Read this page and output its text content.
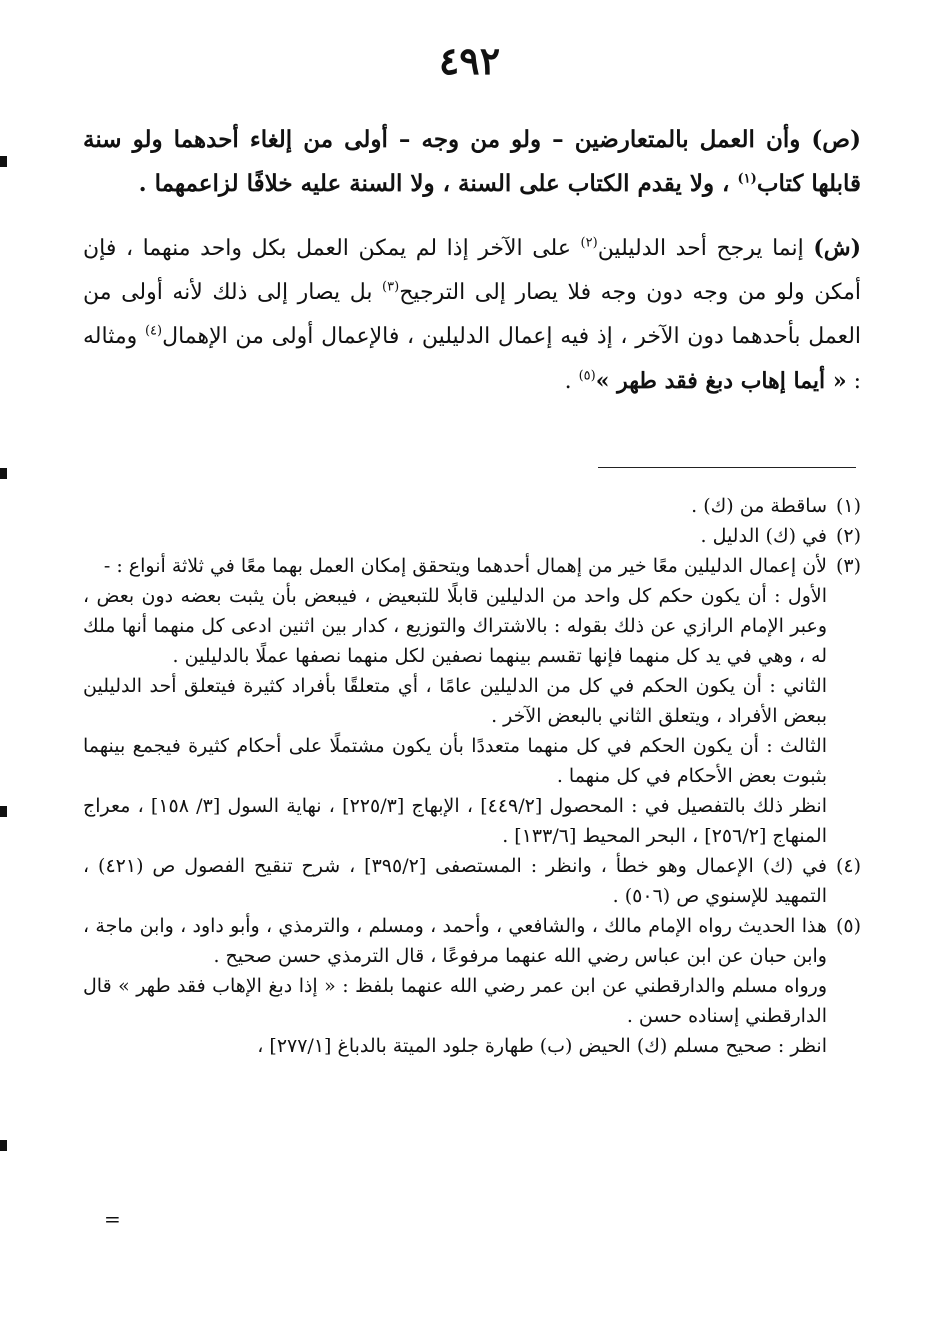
٤٩٢

(ص) وأن العمل بالمتعارضين – ولو من وجه – أولى من إلغاء أحدهما ولو سنة قابلها كتاب$^{(١)}$ ، ولا يقدم الكتاب على السنة ، ولا السنة عليه خلافًا لزاعمهما .

(ش) إنما يرجح أحد الدليلين$^{(٢)}$ على الآخر إذا لم يمكن العمل بكل واحد منهما ، فإن أمكن ولو من وجه دون وجه فلا يصار إلى الترجيح$^{(٣)}$ بل يصار إلى ذلك لأنه أولى من العمل بأحدهما دون الآخر ، إذ فيه إعمال الدليلين ، فالإعمال أولى من الإهمال$^{(٤)}$ ومثاله : « أيما إهاب دبغ فقد طهر »$^{(٥)}$ .

(١)
ساقطة من (ك) .
(٢)
في (ك) الدليل .
(٣)
لأن إعمال الدليلين معًا خير من إهمال أحدهما ويتحقق إمكان العمل بهما معًا في ثلاثة أنواع : -
الأول : أن يكون حكم كل واحد من الدليلين قابلًا للتبعيض ، فيبعض بأن يثبت بعضه دون بعض ، وعبر الإمام الرازي عن ذلك بقوله : بالاشتراك والتوزيع ، كدار بين اثنين ادعى كل منهما أنها ملك له ، وهي في يد كل منهما فإنها تقسم بينهما نصفين لكل منهما نصفها عملًا بالدليلين .
الثاني : أن يكون الحكم في كل من الدليلين عامًا ، أي متعلقًا بأفراد كثيرة فيتعلق أحد الدليلين ببعض الأفراد ، ويتعلق الثاني بالبعض الآخر .
الثالث : أن يكون الحكم في كل منهما متعددًا بأن يكون مشتملًا على أحكام كثيرة فيجمع بينهما بثبوت بعض الأحكام في كل منهما .
انظر ذلك بالتفصيل في : المحصول [٤٤٩/٢] ، الإبهاج [٢٢٥/٣] ، نهاية السول [٣/ ١٥٨] ، معراج المنهاج [٢٥٦/٢] ، البحر المحيط [١٣٣/٦] .
(٤)
في (ك) الإعمال وهو خطأ ، وانظر : المستصفى [٣٩٥/٢] ، شرح تنقيح الفصول ص (٤٢١) ، التمهيد للإسنوي ص (٥٠٦) .
(٥)
هذا الحديث رواه الإمام مالك ، والشافعي ، وأحمد ، ومسلم ، والترمذي ، وأبو داود ، وابن ماجة ، وابن حبان عن ابن عباس رضي الله عنهما مرفوعًا ، قال الترمذي حسن صحيح .
ورواه مسلم والدارقطني عن ابن عمر رضي الله عنهما بلفظ : « إذا دبغ الإهاب فقد طهر » قال الدارقطني إسناده حسن .
انظر : صحيح مسلم (ك) الحيض (ب) طهارة جلود الميتة بالدباغ [٢٧٧/١] ،
=
